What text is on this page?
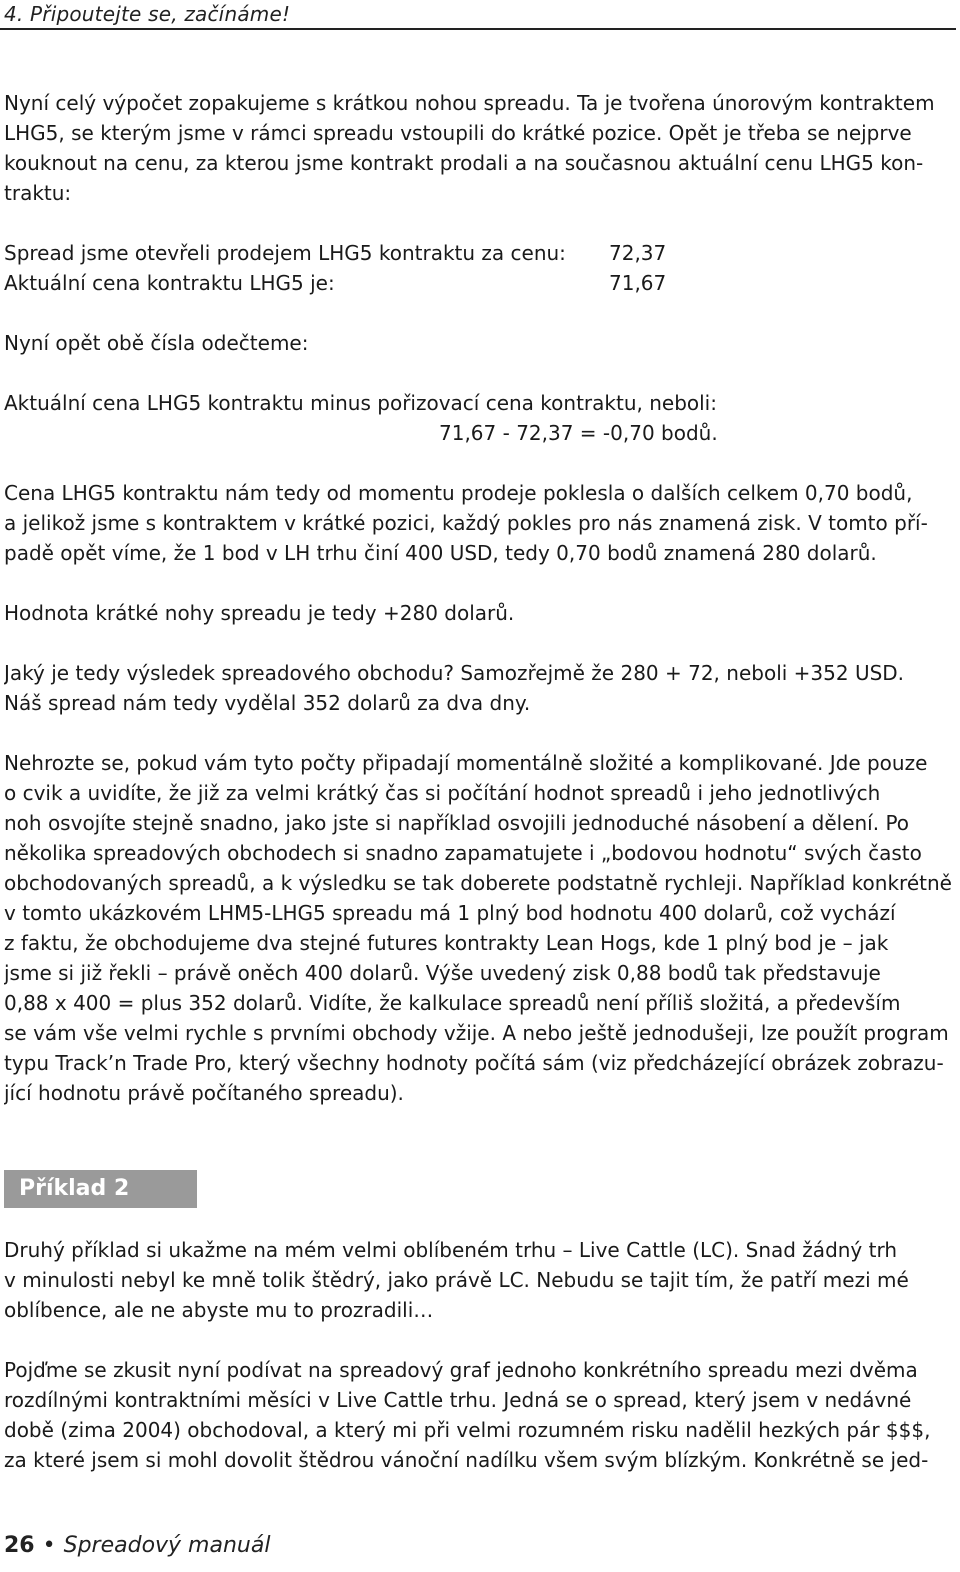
4. Připoutejte se, začínáme!

Nyní celý výpočet zopakujeme s krátkou nohou spreadu. Ta je tvořena únorovým kontraktem
LHG5, se kterým jsme v rámci spreadu vstoupili do krátké pozice. Opět je třeba se nejprve
kouknout na cenu, za kterou jsme kontrakt prodali a na současnou aktuální cenu LHG5 kon-
traktu:

Spread jsme otevřeli prodejem LHG5 kontraktu za cenu:	72,37
Aktuální cena kontraktu LHG5 je:	71,67

Nyní opět obě čísla odečteme:

Aktuální cena LHG5 kontraktu minus pořizovací cena kontraktu, neboli:
71,67 - 72,37 = -0,70 bodů.

Cena LHG5 kontraktu nám tedy od momentu prodeje poklesla o dalších celkem 0,70 bodů,
a jelikož jsme s kontraktem v krátké pozici, každý pokles pro nás znamená zisk. V tomto pří-
padě opět víme, že 1 bod v LH trhu činí 400 USD, tedy 0,70 bodů znamená 280 dolarů.

Hodnota krátké nohy spreadu je tedy +280 dolarů.

Jaký je tedy výsledek spreadového obchodu? Samozřejmě že 280 + 72, neboli +352 USD.
Náš spread nám tedy vydělal 352 dolarů za dva dny.

Nehrozte se, pokud vám tyto počty připadají momentálně složité a komplikované. Jde pouze
o cvik a uvidíte, že již za velmi krátký čas si počítání hodnot spreadů i jeho jednotlivých
noh osvojíte stejně snadno, jako jste si například osvojili jednoduché násobení a dělení. Po
několika spreadových obchodech si snadno zapamatujete i „bodovou hodnotu“ svých často
obchodovaných spreadů, a k výsledku se tak doberete podstatně rychleji. Například konkrétně
v tomto ukázkovém LHM5-LHG5 spreadu má 1 plný bod hodnotu 400 dolarů, což vychází
z faktu, že obchodujeme dva stejné futures kontrakty Lean Hogs, kde 1 plný bod je – jak
jsme si již řekli – právě oněch 400 dolarů. Výše uvedený zisk 0,88 bodů tak představuje
0,88 x 400 = plus 352 dolarů. Vidíte, že kalkulace spreadů není příliš složitá, a především
se vám vše velmi rychle s prvními obchody vžije. A nebo ještě jednodušeji, lze použít program
typu Track’n Trade Pro, který všechny hodnoty počítá sám (viz předcházející obrázek zobrazu-
jící hodnotu právě počítaného spreadu).

Příklad 2

Druhý příklad si ukažme na mém velmi oblíbeném trhu – Live Cattle (LC). Snad žádný trh
v minulosti nebyl ke mně tolik štědrý, jako právě LC. Nebudu se tajit tím, že patří mezi mé
oblíbence, ale ne abyste mu to prozradili…

Pojďme se zkusit nyní podívat na spreadový graf jednoho konkrétního spreadu mezi dvěma
rozdílnými kontraktními měsíci v Live Cattle trhu. Jedná se o spread, který jsem v nedávné
době (zima 2004) obchodoval, a který mi při velmi rozumném risku nadělil hezkých pár $$$,
za které jsem si mohl dovolit štědrou vánoční nadílku všem svým blízkým. Konkrétně se jed-

26 • Spreadový manuál
